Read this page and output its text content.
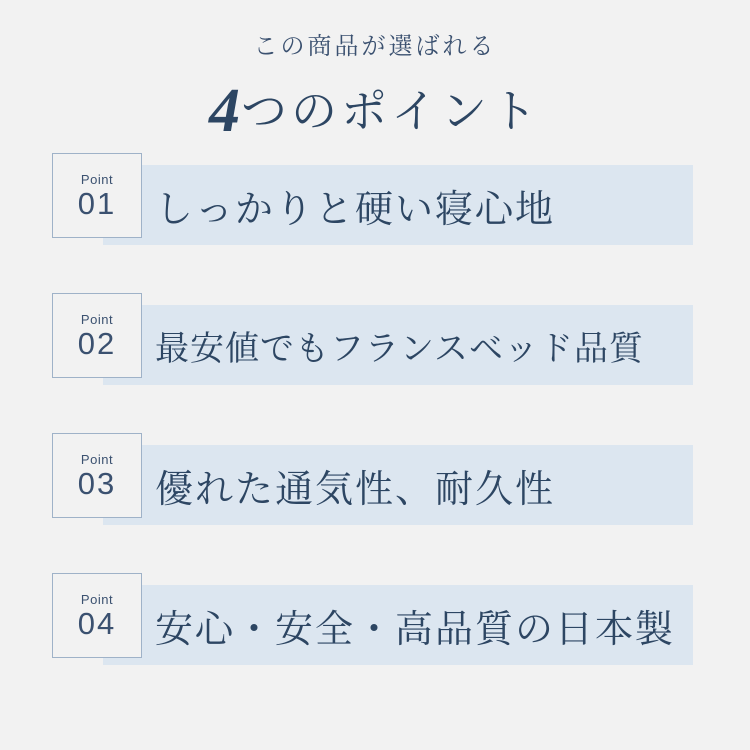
この商品が選ばれる
4つのポイント
Point
01 しっかりと硬い寝心地
Point
02 最安値でもフランスベッド品質
Point
03 優れた通気性、耐久性
Point
04 安心・安全・高品質の日本製
